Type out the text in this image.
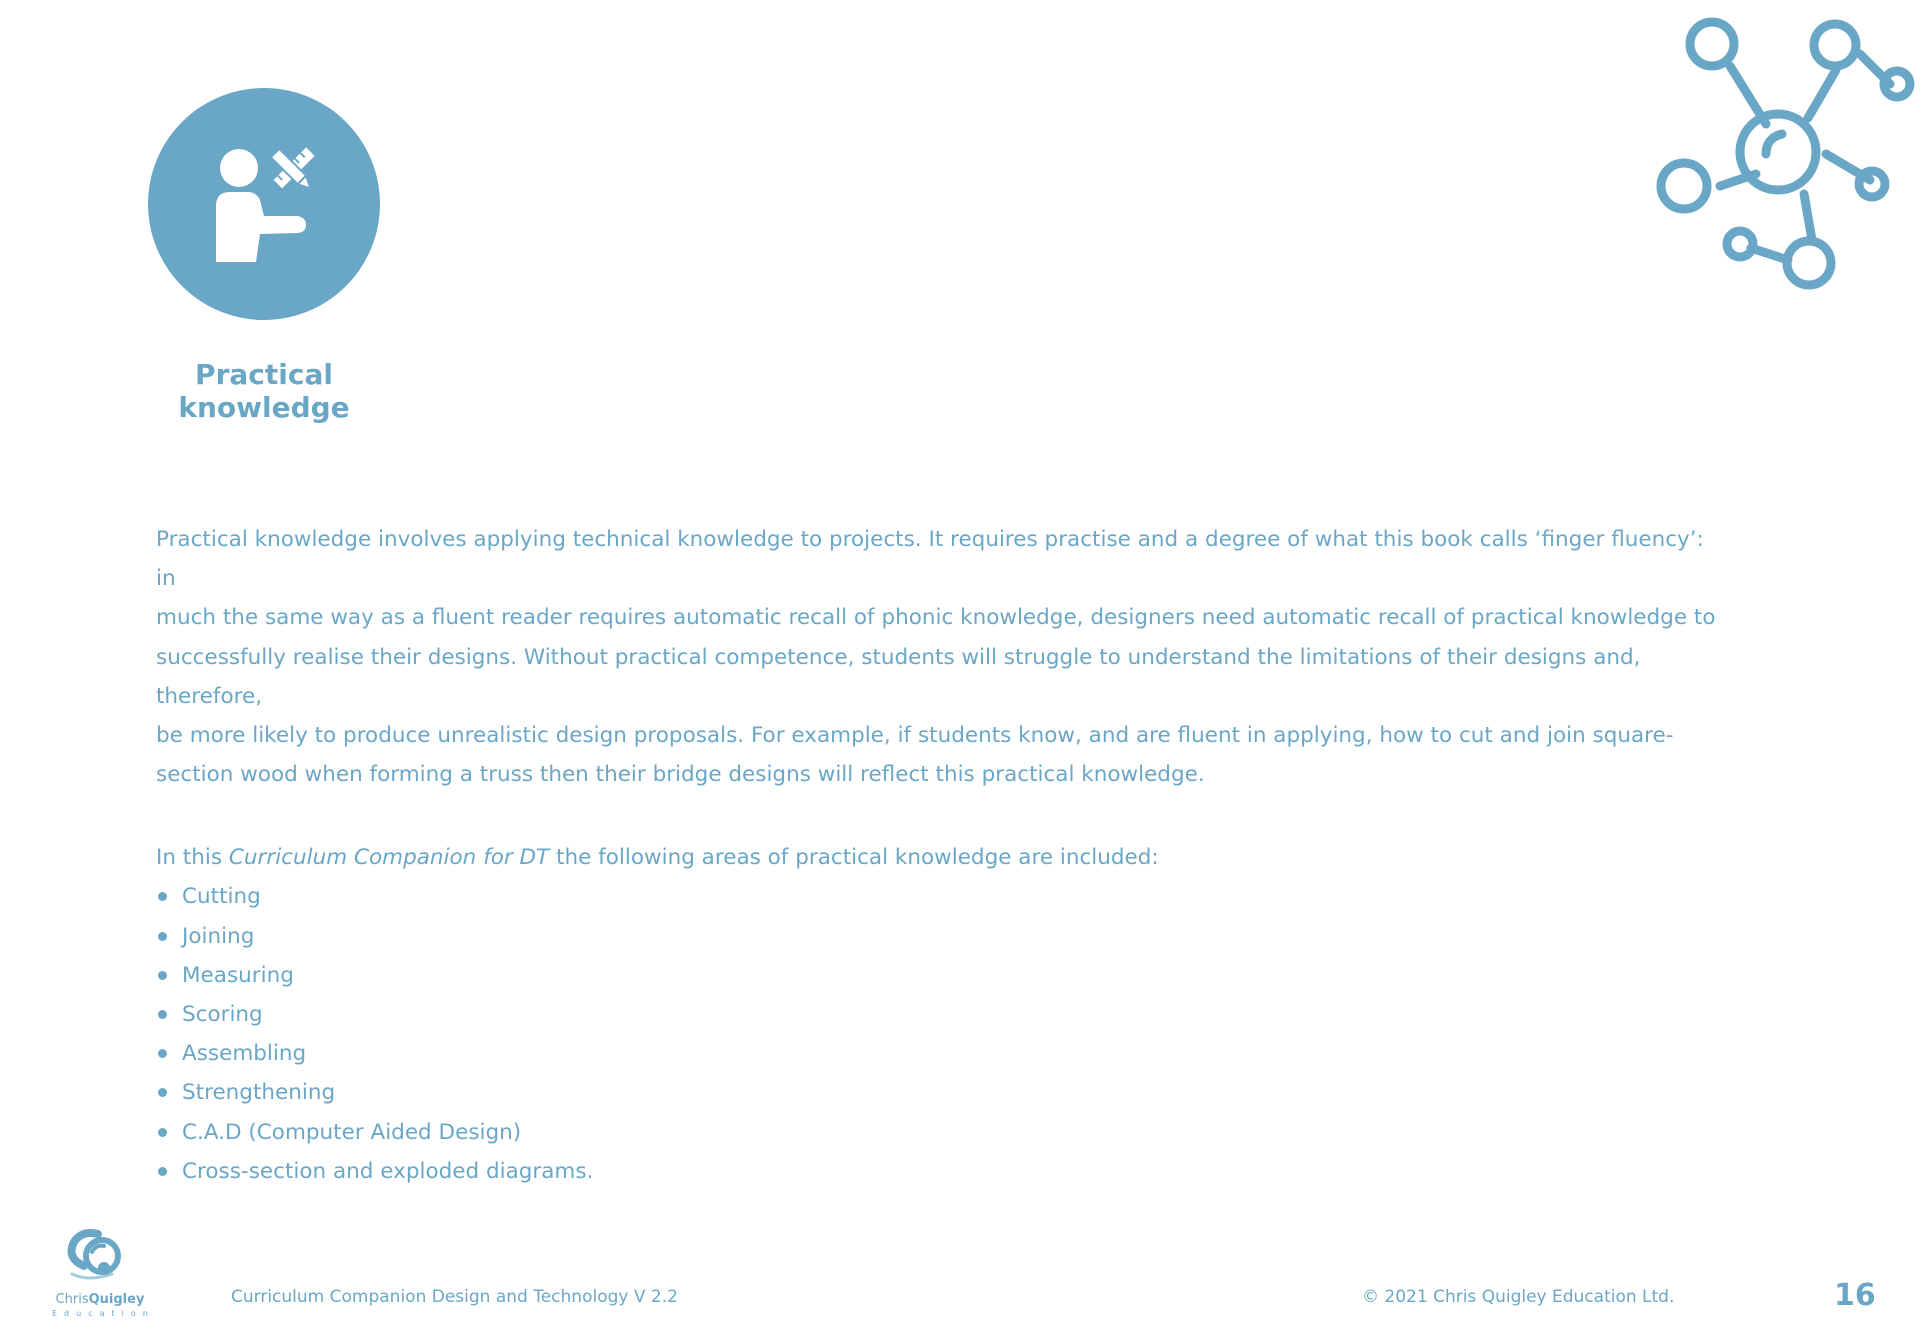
Practical
knowledge

Practical knowledge involves applying technical knowledge to projects. It requires practise and a degree of what this book calls ‘finger fluency’: in
much the same way as a fluent reader requires automatic recall of phonic knowledge, designers need automatic recall of practical knowledge to
successfully realise their designs. Without practical competence, students will struggle to understand the limitations of their designs and, therefore,
be more likely to produce unrealistic design proposals. For example, if students know, and are fluent in applying, how to cut and join square-
section wood when forming a truss then their bridge designs will reflect this practical knowledge.

In this Curriculum Companion for DT the following areas of practical knowledge are included:

Cutting
Joining
Measuring
Scoring
Assembling
Strengthening
C.A.D (Computer Aided Design)
Cross-section and exploded diagrams.
ChrisQuigley
Education
Curriculum Companion Design and Technology V 2.2	© 2021 Chris Quigley Education Ltd.	16
